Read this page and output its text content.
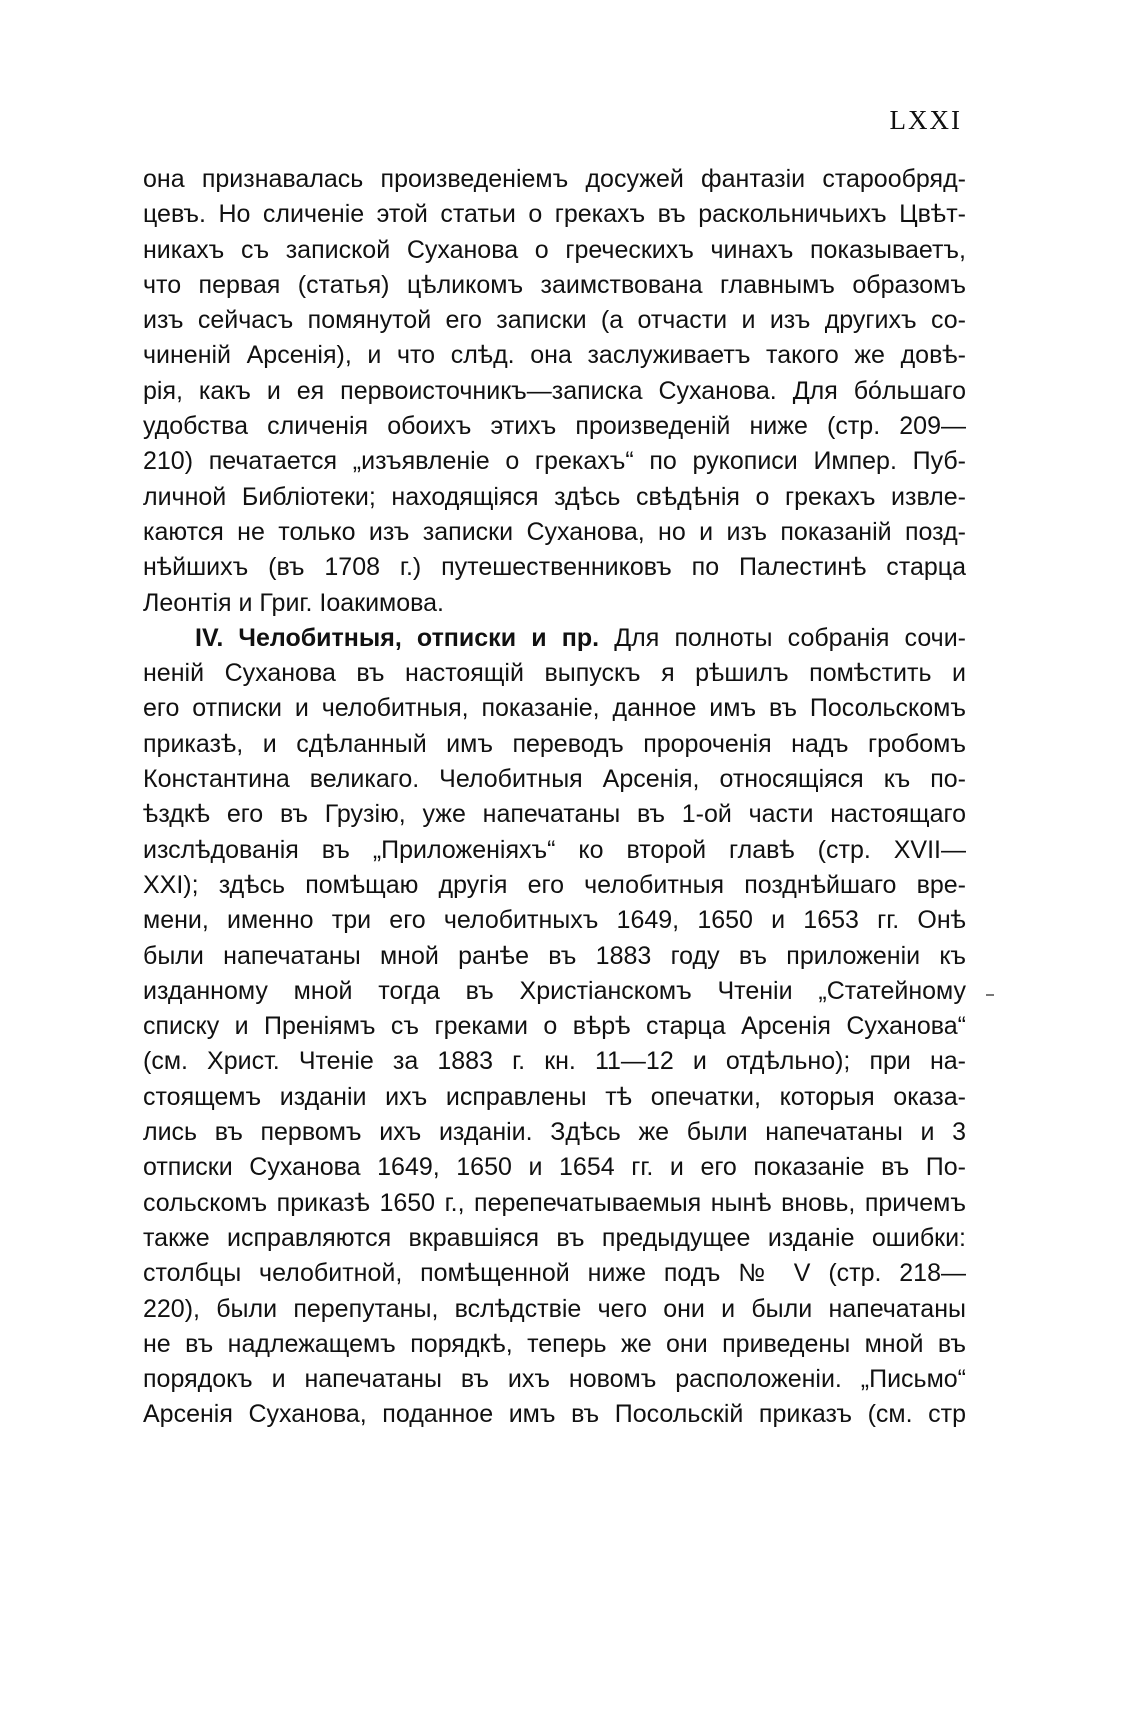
LXXI
она признавалась произведеніемъ досужей фантазіи старообряд-
цевъ. Но сличеніе этой статьи о грекахъ въ раскольничьихъ Цвѣт-
никахъ съ запиской Суханова о греческихъ чинахъ показываетъ,
что первая (статья) цѣликомъ заимствована главнымъ образомъ
изъ сейчасъ помянутой его записки (а отчасти и изъ другихъ со-
чиненій Арсенія), и что слѣд. она заслуживаетъ такого же довѣ-
рія, какъ и ея первоисточникъ—записка Суханова. Для бо́льшаго
удобства сличенія обоихъ этихъ произведеній ниже (стр. 209—
210) печатается „изъявленіе о грекахъ“ по рукописи Импер. Пуб-
личной Библіотеки; находящіяся здѣсь свѣдѣнія о грекахъ извле-
каются не только изъ записки Суханова, но и изъ показаній позд-
нѣйшихъ (въ 1708 г.) путешественниковъ по Палестинѣ старца
Леонтія и Григ. Іоакимова.
IV. Челобитныя, отписки и пр. Для полноты собранія сочи-
неній Суханова въ настоящій выпускъ я рѣшилъ помѣстить и
его отписки и челобитныя, показаніе, данное имъ въ Посольскомъ
приказѣ, и сдѣланный имъ переводъ пророченія надъ гробомъ
Константина великаго. Челобитныя Арсенія, относящіяся къ по-
ѣздкѣ его въ Грузію, уже напечатаны въ 1-ой части настоящаго
изслѣдованія въ „Приложеніяхъ“ ко второй главѣ (стр. XVII—
XXI); здѣсь помѣщаю другія его челобитныя позднѣйшаго вре-
мени, именно три его челобитныхъ 1649, 1650 и 1653 гг. Онѣ
были напечатаны мной ранѣе въ 1883 году въ приложеніи къ
изданному мной тогда въ Христіанскомъ Чтеніи „Статейному
списку и Преніямъ съ греками о вѣрѣ старца Арсенія Суханова“
(см. Христ. Чтеніе за 1883 г. кн. 11—12 и отдѣльно); при на-
стоящемъ изданіи ихъ исправлены тѣ опечатки, которыя оказа-
лись въ первомъ ихъ изданіи. Здѣсь же были напечатаны и 3
отписки Суханова 1649, 1650 и 1654 гг. и его показаніе въ По-
сольскомъ приказѣ 1650 г., перепечатываемыя нынѣ вновь, причемъ
также исправляются вкравшіяся въ предыдущее изданіе ошибки:
столбцы челобитной, помѣщенной ниже подъ № V (стр. 218—
220), были перепутаны, вслѣдствіе чего они и были напечатаны
не въ надлежащемъ порядкѣ, теперь же они приведены мной въ
порядокъ и напечатаны въ ихъ новомъ расположеніи. „Письмо“
Арсенія Суханова, поданное имъ въ Посольскій приказъ (см. стр
